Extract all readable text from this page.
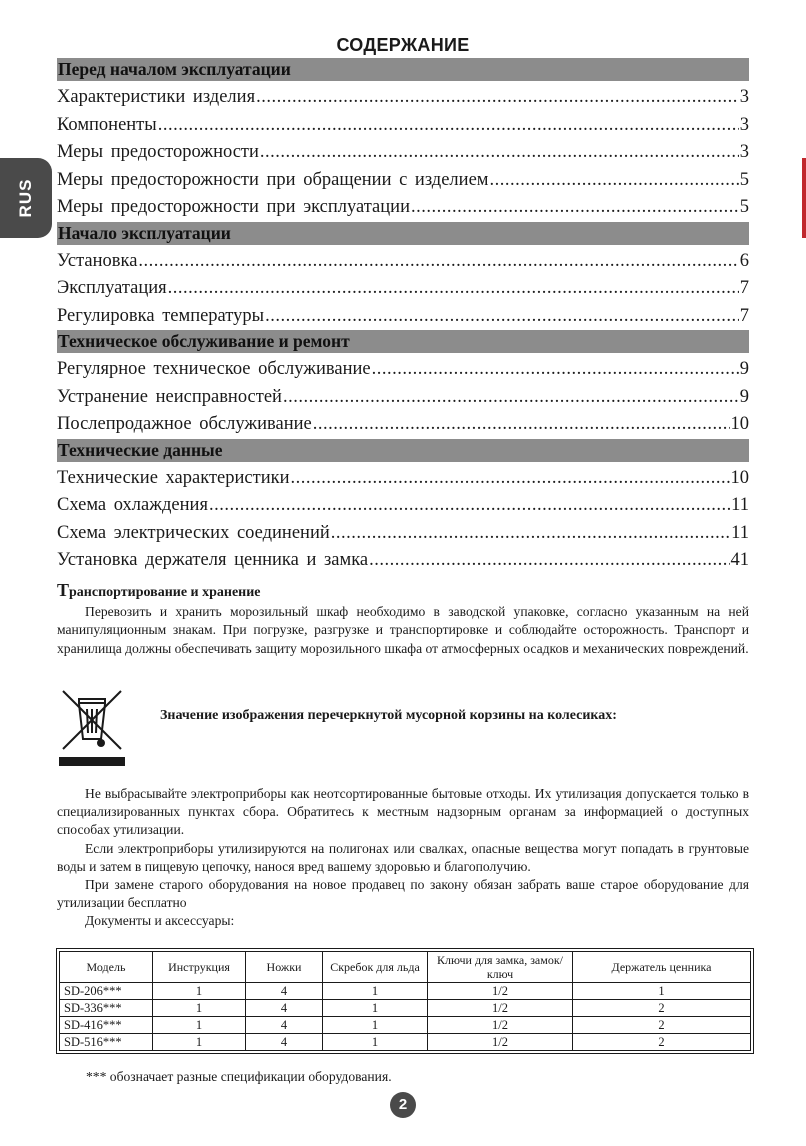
СОДЕРЖАНИЕ
RUS
Перед началом эксплуатации
Характеристики изделия .....	3
Компоненты .....	3
Меры предосторожности .....	3
Меры предосторожности при обращении с изделием .....	5
Меры предосторожности при эксплуатации .....	5
Начало эксплуатации
Установка .....	6
Эксплуатация .....	7
Регулировка температуры .....	7
Техническое обслуживание и ремонт
Регулярное техническое обслуживание .....	9
Устранение неисправностей .....	9
Послепродажное обслуживание .....	10
Технические данные
Технические характеристики .....	10
Схема охлаждения .....	11
Схема электрических соединений .....	11
Установка держателя ценника и замка .....	41
Транспортирование и хранение

Перевозить и хранить морозильный шкаф необходимо в заводской упаковке, согласно указанным на ней манипуляционным знакам. При погрузке, разгрузке и транспортировке и соблюдайте осторожность. Транспорт и хранилища должны обеспечивать защиту морозильного шкафа от атмосферных осадков и механических повреждений.

Значение изображения перечеркнутой мусорной корзины на колесиках:

Не выбрасывайте электроприборы как неотсортированные бытовые отходы. Их утилизация допускается только в специализированных пунктах сбора. Обратитесь к местным надзорным органам за информацией о доступных способах утилизации.

Если электроприборы утилизируются на полигонах или свалках, опасные вещества могут попадать в грунтовые воды и затем в пищевую цепочку, нанося вред вашему здоровью и благополучию.

При замене старого оборудования на новое продавец по закону обязан забрать ваше старое оборудование для утилизации бесплатно

Документы и аксессуары:

Модель	Инструкция	Ножки	Скребок для льда	Ключи для замка, замок/ключ	Держатель ценника
SD-206***	1	4	1	1/2	1
SD-336***	1	4	1	1/2	2
SD-416***	1	4	1	1/2	2
SD-516***	1	4	1	1/2	2
*** обозначает разные спецификации оборудования.
2
